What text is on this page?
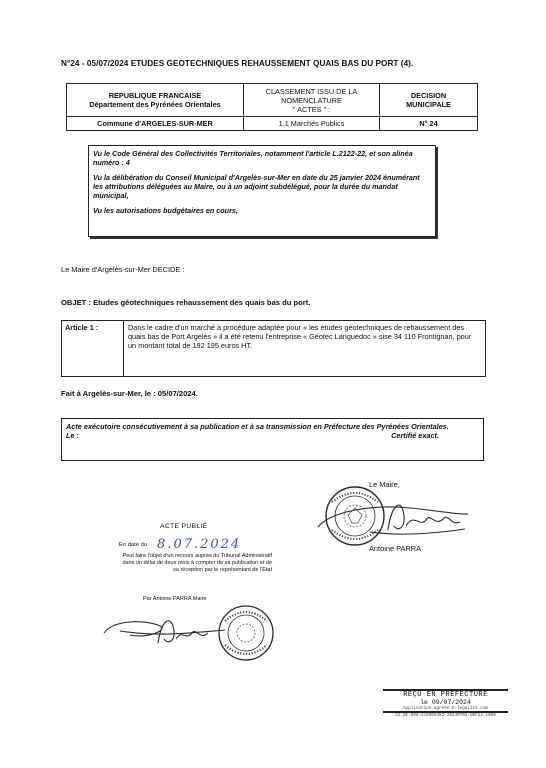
N°24 - 05/07/2024 ETUDES GEOTECHNIQUES REHAUSSEMENT QUAIS BAS DU PORT (4).
REPUBLIQUE FRANCAISE
Département des Pyrénées Orientales
Commune d'ARGELES-SUR-MER
CLASSEMENT ISSU DE LA
NOMENCLATURE
" ACTES " :
1.1 Marchés Publics
DECISION
MUNICIPALE
N° 24

Vu le Code Général des Collectivités Territoriales, notamment l'article L.2122-22, et son alinéa numéro : 4

Vu la délibération du Conseil Municipal d'Argelès-sur-Mer en date du 25 janvier 2024 énumérant les attributions déléguées au Maire, ou à un adjoint subdélégué, pour la durée du mandat municipal,

Vu les autorisations budgétaires en cours,

Le Maire d'Argelès-sur-Mer DECIDE :
OBJET : Etudes géotechniques rehaussement des quais bas du port.
Article 1 :	Dans le cadre d'un marché à procédure adaptée pour « les études géotechniques de rehaussement des quais bas de Port Argelès » il a été retenu l'entreprise « Géotec Languedoc » sise 34 110 Frontignan, pour un montant total de 192 195 euros HT.
Fait à Argelès-sur-Mer, le : 05/07/2024.
Acte exécutoire consécutivement à sa publication et à sa transmission en Préfecture des Pyrénées Orientales.
Le :	Certifié exact.
Le Maire,
Antoine PARRA
ACTE PUBLIÉ
En date du 8.07.2024
Peut faire l'objet d'un recours auprès du Tribunal Administratif dans un délai de deux mois à compter de sa publication et de sa réception par le représentant de l'Etat
Par Antoine PARRA Maire
REÇU EN PREFECTURE
le 09/07/2024
Application agréée E-legalite.com
22_DE-066-216600383-20240705-DEC24_1000
